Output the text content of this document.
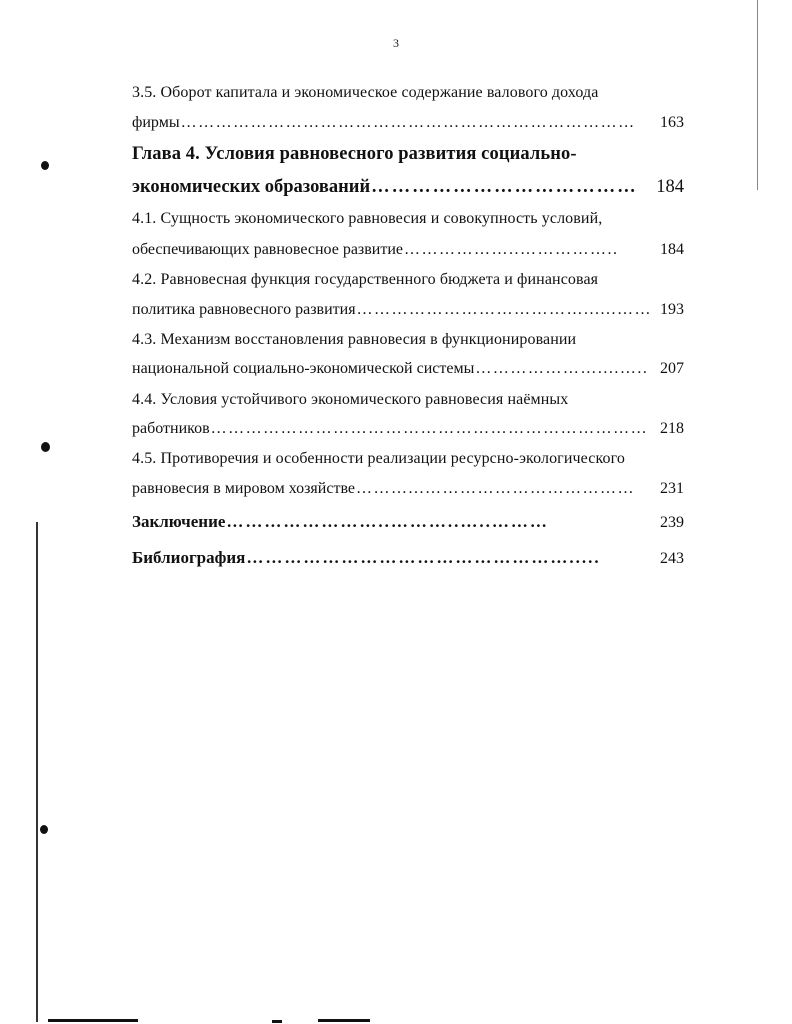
3
3.5. Оборот капитала и экономическое содержание валового дохода
фирмы ……………………………………………………………………	163
Глава 4. Условия равновесного развития социально-
экономических образований …………………………………	184
4.1. Сущность экономического равновесия и совокупность условий,
обеспечивающих равновесное развитие ………………..……………..	184
4.2. Равновесная функция государственного бюджета и финансовая
политика равновесного развития …………………………………......…… 193
4.3. Механизм восстановления равновесия в функционировании
национальной социально-экономической системы …………………....….. 207
4.4. Условия устойчивого экономического равновесия наёмных
работников ………………………………………………………………… 218
4.5. Противоречия и особенности реализации ресурсно-экологического
равновесия в мировом хозяйстве ………...………………………………	231
Заключение ……………………..………..…..………	239
Библиография …………………………………………….....	243
